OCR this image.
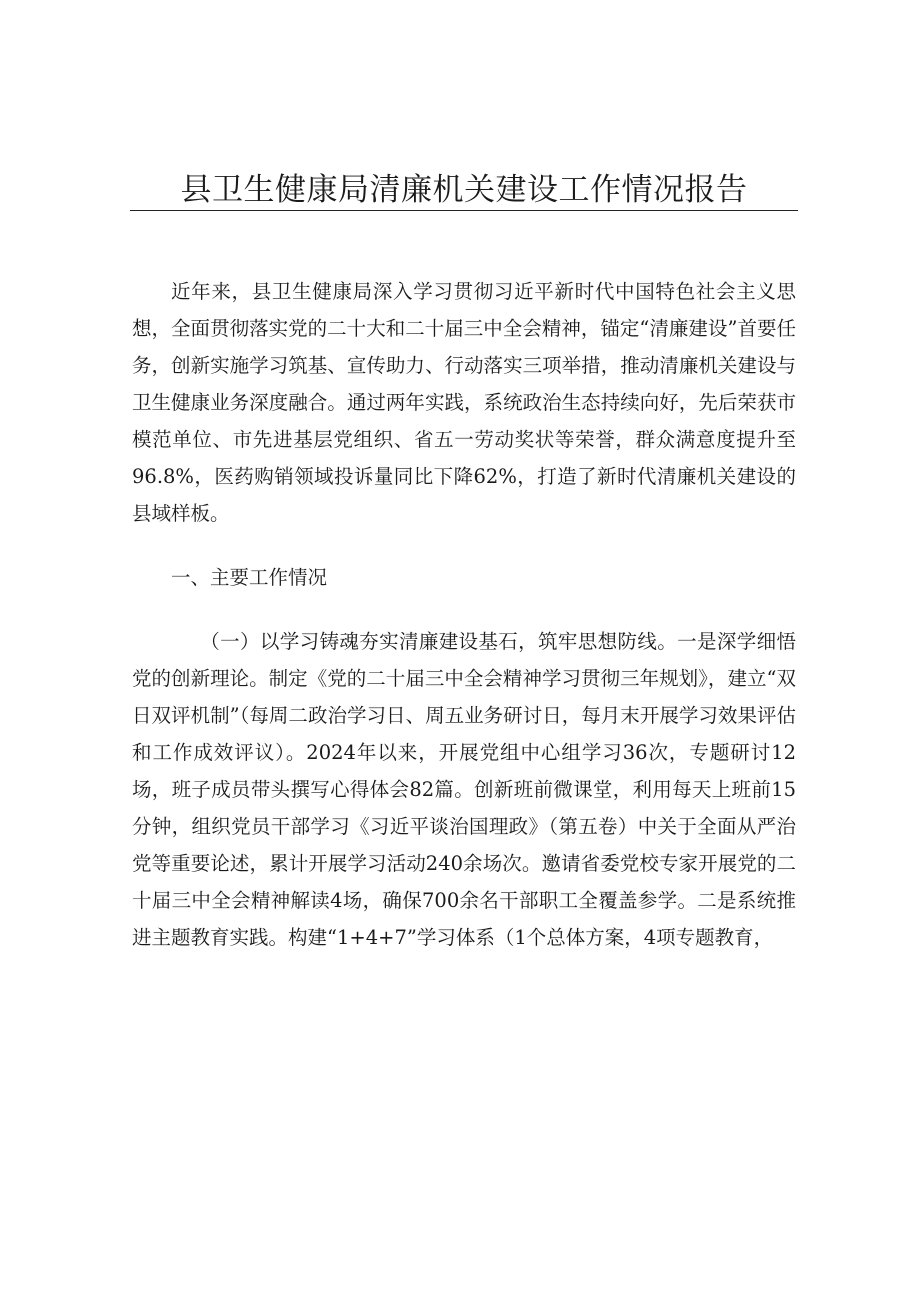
县卫生健康局清廉机关建设工作情况报告

近年来，县卫生健康局深入学习贯彻习近平新时代中国特色社会主义思想，全面贯彻落实党的二十大和二十届三中全会精神，锚定“清廉建设”首要任务，创新实施学习筑基、宣传助力、行动落实三项举措，推动清廉机关建设与卫生健康业务深度融合。通过两年实践，系统政治生态持续向好，先后荣获市模范单位、市先进基层党组织、省五一劳动奖状等荣誉，群众满意度提升至96.8%，医药购销领域投诉量同比下降62%，打造了新时代清廉机关建设的县域样板。

一、主要工作情况

（一）以学习铸魂夯实清廉建设基石，筑牢思想防线。一是深学细悟党的创新理论。制定《党的二十届三中全会精神学习贯彻三年规划》，建立“双日双评机制”（每周二政治学习日、周五业务研讨日，每月末开展学习效果评估和工作成效评议）。2024年以来，开展党组中心组学习36次，专题研讨12场，班子成员带头撰写心得体会82篇。创新班前微课堂，利用每天上班前15分钟，组织党员干部学习《习近平谈治国理政》（第五卷）中关于全面从严治党等重要论述，累计开展学习活动240余场次。邀请省委党校专家开展党的二十届三中全会精神解读4场，确保700余名干部职工全覆盖参学。二是系统推进主题教育实践。构建“1+4+7”学习体系（1个总体方案，4项专题教育，
